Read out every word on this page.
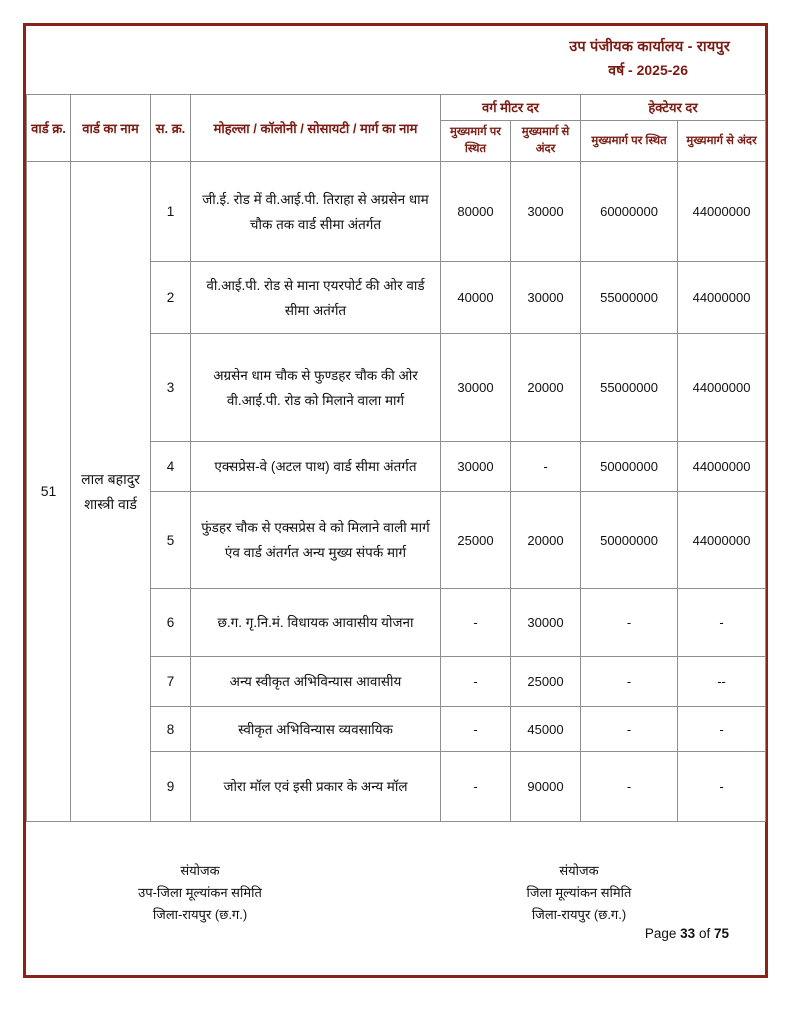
उप पंजीयक कार्यालय - रायपुर
वर्ष - 2025-26
वार्ड क्र.	वार्ड का नाम	स. क्र.	मोहल्ला / कॉलोनी / सोसायटी / मार्ग का नाम	वर्ग मीटर दर		हेक्टेयर दर	
				मुख्यमार्ग पर स्थित	मुख्यमार्ग से अंदर	मुख्यमार्ग पर स्थित	मुख्यमार्ग से अंदर
51	लाल बहादुर शास्त्री वार्ड	1	जी.ई. रोड में वी.आई.पी. तिराहा से अग्रसेन धाम चौक तक वार्ड सीमा अंतर्गत	80000	30000	60000000	44000000
		2	वी.आई.पी. रोड से माना एयरपोर्ट की ओर वार्ड सीमा अतंर्गत	40000	30000	55000000	44000000
		3	अग्रसेन धाम चौक से फुण्डहर चौक की ओर वी.आई.पी. रोड को मिलाने वाला मार्ग	30000	20000	55000000	44000000
		4	एक्सप्रेस-वे (अटल पाथ) वार्ड सीमा अंतर्गत	30000	-	50000000	44000000
		5	फुंडहर चौक से एक्सप्रेस वे को मिलाने वाली मार्ग एंव वार्ड अंतर्गत अन्य मुख्य संपर्क मार्ग	25000	20000	50000000	44000000
		6	छ.ग. गृ.नि.मं. विधायक आवासीय योजना	-	30000	-	-
		7	अन्य स्वीकृत अभिविन्यास आवासीय	-	25000	-	--
		8	स्वीकृत अभिविन्यास व्यवसायिक	-	45000	-	-
		9	जोरा मॉल एवं इसी प्रकार के अन्य मॉल	-	90000	-	-
संयोजक
उप-जिला मूल्यांकन समिति
जिला-रायपुर (छ.ग.)
संयोजक
जिला मूल्यांकन समिति
जिला-रायपुर (छ.ग.)
Page 33 of 75
